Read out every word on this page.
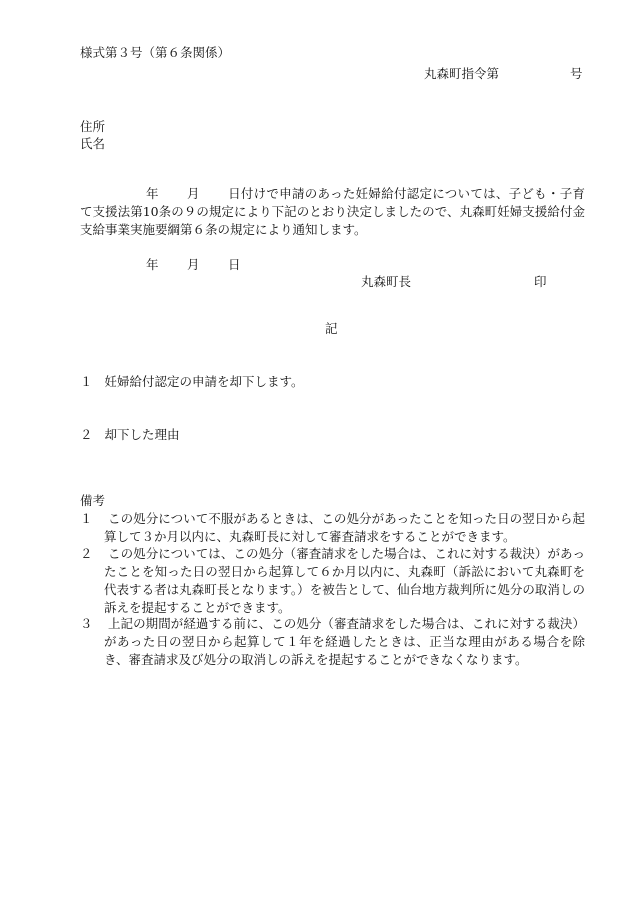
様式第３号（第６条関係）
丸森町指令第	号
住所
氏名
年 月 日付けで申請のあった妊婦給付認定については、子ども・子育て支援法第10条の９の規定により下記のとおり決定しましたので、丸森町妊婦支援給付金支給事業実施要綱第６条の規定により通知します。
年 月 日
丸森町長	印
記
１ 妊婦給付認定の申請を却下します。
２ 却下した理由
備考
１	この処分について不服があるときは、この処分があったことを知った日の翌日から起算して３か月以内に、丸森町長に対して審査請求をすることができます。
２	この処分については、この処分（審査請求をした場合は、これに対する裁決）があったことを知った日の翌日から起算して６か月以内に、丸森町（訴訟において丸森町を代表する者は丸森町長となります。）を被告として、仙台地方裁判所に処分の取消しの訴えを提起することができます。
３	上記の期間が経過する前に、この処分（審査請求をした場合は、これに対する裁決）があった日の翌日から起算して１年を経過したときは、正当な理由がある場合を除き、審査請求及び処分の取消しの訴えを提起することができなくなります。
